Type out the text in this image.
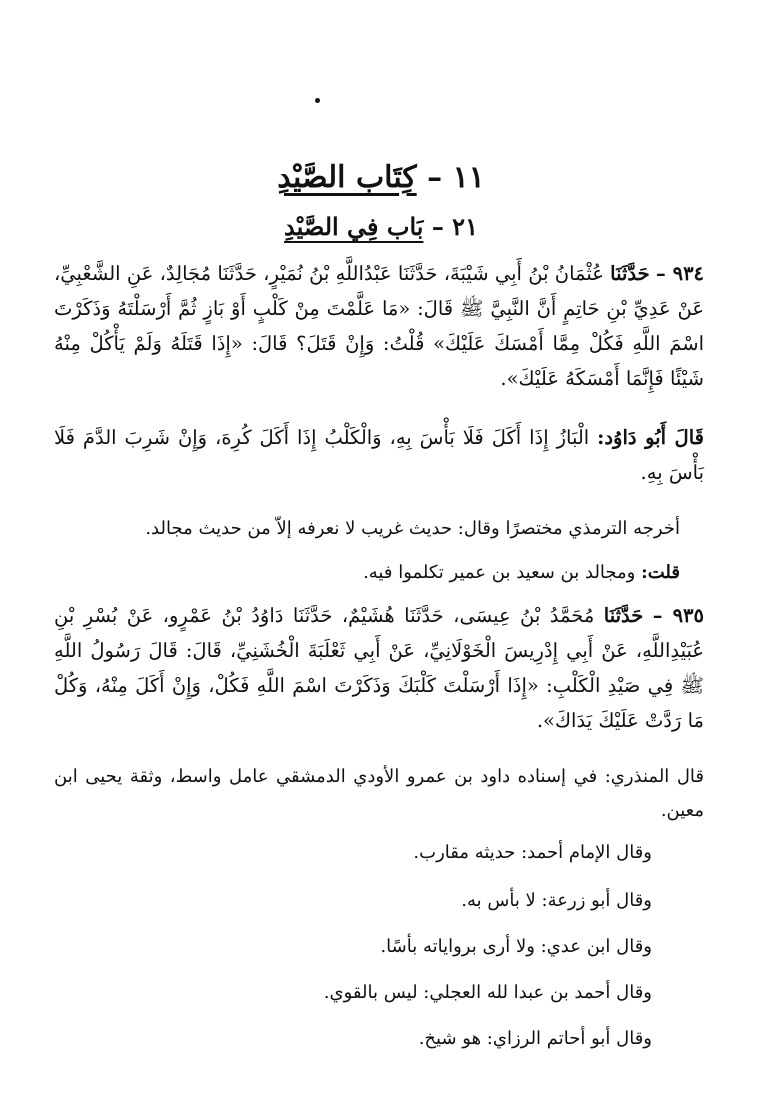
١١ – كِتَاب الصَّيْدِ
٢١ – بَاب فِي الصَّيْدِ
٩٣٤ – حَدَّثَنَا عُثْمَانُ بْنُ أَبِي شَيْبَةَ، حَدَّثَنَا عَبْدُاللَّهِ بْنُ نُمَيْرٍ، حَدَّثَنَا مُجَالِدٌ، عَنِ الشَّعْبِيِّ، عَنْ عَدِيِّ بْنِ حَاتِمٍ أَنَّ النَّبِيَّ ﷺ قَالَ: «مَا عَلَّمْتَ مِنْ كَلْبٍ أَوْ بَازٍ ثُمَّ أَرْسَلْتَهُ وَذَكَرْتَ اسْمَ اللَّهِ فَكُلْ مِمَّا أَمْسَكَ عَلَيْكَ» قُلْتُ: وَإِنْ قَتَلَ؟ قَالَ: «إِذَا قَتَلَهُ وَلَمْ يَأْكُلْ مِنْهُ شَيْئًا فَإِنَّمَا أَمْسَكَهُ عَلَيْكَ».
قَالَ أَبُو دَاوُد: الْبَازُ إِذَا أَكَلَ فَلَا بَأْسَ بِهِ، وَالْكَلْبُ إِذَا أَكَلَ كُرِهَ، وَإِنْ شَرِبَ الدَّمَ فَلَا بَأْسَ بِهِ.
أخرجه الترمذي مختصرًا وقال: حديث غريب لا نعرفه إلاّ من حديث مجالد.
قلت: ومجالد بن سعيد بن عمير تكلموا فيه.
٩٣٥ – حَدَّثَنَا مُحَمَّدُ بْنُ عِيسَى، حَدَّثَنَا هُشَيْمٌ، حَدَّثَنَا دَاوُدُ بْنُ عَمْرٍو، عَنْ بُسْرِ بْنِ عُبَيْدِاللَّهِ، عَنْ أَبِي إِدْرِيسَ الْخَوْلَانِيِّ، عَنْ أَبِي ثَعْلَبَةَ الْخُشَنِيِّ، قَالَ: قَالَ رَسُولُ اللَّهِ ﷺ فِي صَيْدِ الْكَلْبِ: «إِذَا أَرْسَلْتَ كَلْبَكَ وَذَكَرْتَ اسْمَ اللَّهِ فَكُلْ، وَإِنْ أَكَلَ مِنْهُ، وَكُلْ مَا رَدَّتْ عَلَيْكَ يَدَاكَ».
قال المنذري: في إسناده داود بن عمرو الأودي الدمشقي عامل واسط، وثقة يحيى ابن معين.
وقال الإمام أحمد: حديثه مقارب.
وقال أبو زرعة: لا بأس به.
وقال ابن عدي: ولا أرى برواياته بأسًا.
وقال أحمد بن عبدا لله العجلي: ليس بالقوي.
وقال أبو أحاتم الرزاي: هو شيخ.
